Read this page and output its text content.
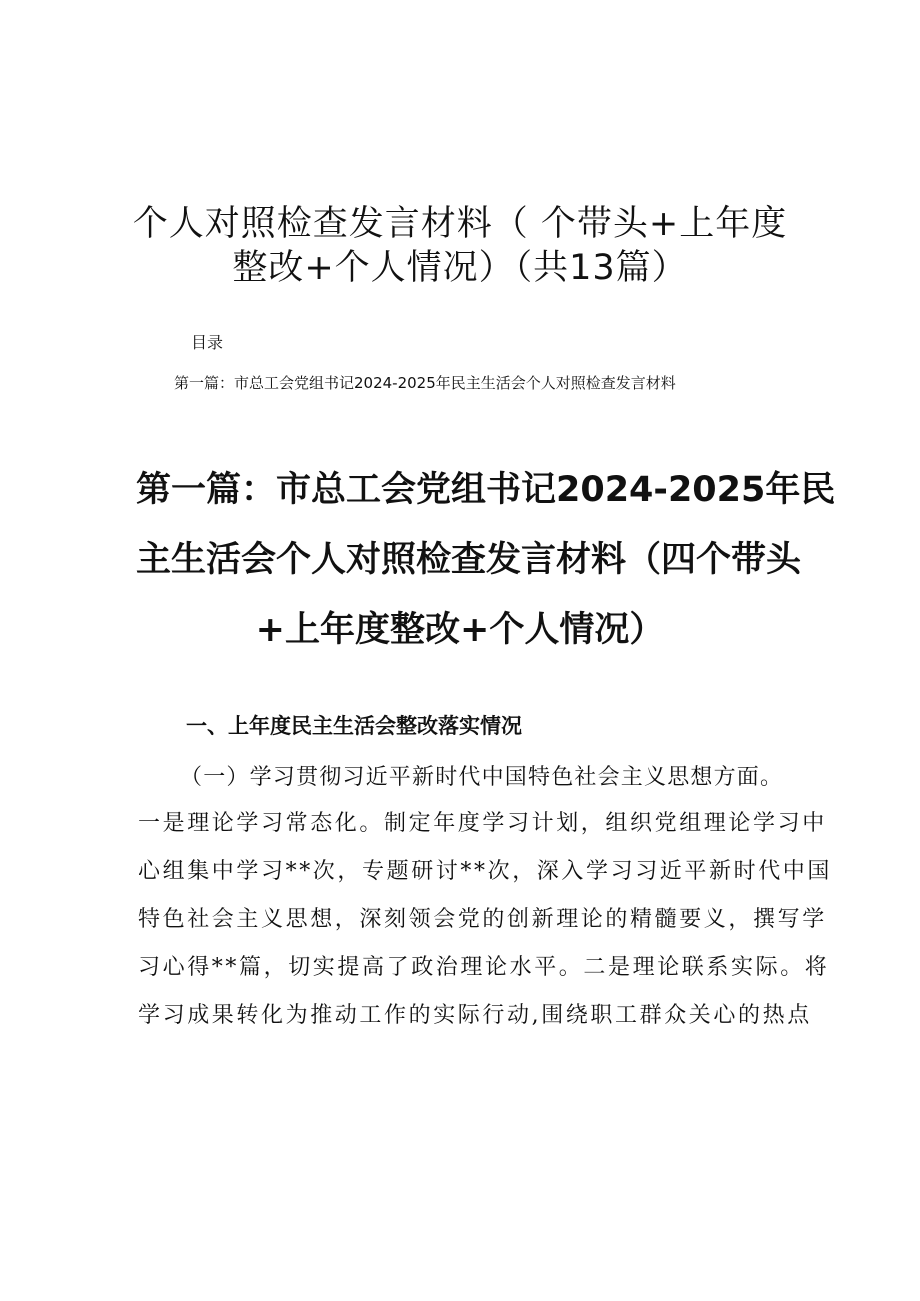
个人对照检查发言材料（ 个带头+上年度
整改+个人情况）（共13篇）

目录

第一篇：市总工会党组书记2024-2025年民主生活会个人对照检查发言材料

第一篇：市总工会党组书记2024-2025年民
主生活会个人对照检查发言材料（四个带头
+上年度整改+个人情况）
一、上年度民主生活会整改落实情况

（一）学习贯彻习近平新时代中国特色社会主义思想方面。

一是理论学习常态化。制定年度学习计划，组织党组理论学习中

心组集中学习**次，专题研讨**次，深入学习习近平新时代中国

特色社会主义思想，深刻领会党的创新理论的精髓要义，撰写学

习心得**篇，切实提高了政治理论水平。二是理论联系实际。将

学习成果转化为推动工作的实际行动,围绕职工群众关心的热点
